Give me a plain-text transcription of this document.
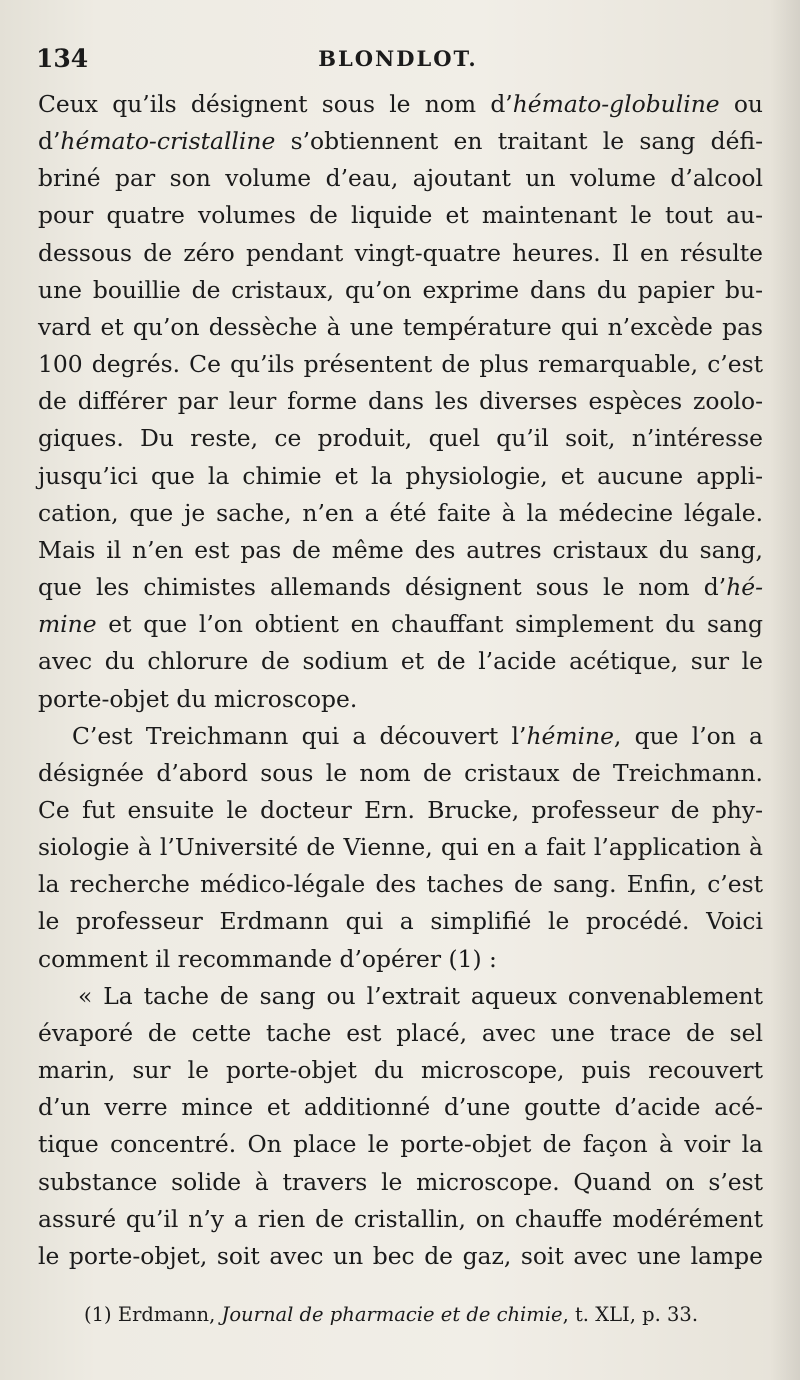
134	BLONDLOT.
Ceux qu’ils désignent sous le nom d’hémato-globuline ou
d’hémato-cristalline s’obtiennent en traitant le sang défi-
briné par son volume d’eau, ajoutant un volume d’alcool
pour quatre volumes de liquide et maintenant le tout au-
dessous de zéro pendant vingt-quatre heures. Il en résulte
une bouillie de cristaux, qu’on exprime dans du papier bu-
vard et qu’on dessèche à une température qui n’excède pas
100 degrés. Ce qu’ils présentent de plus remarquable, c’est
de différer par leur forme dans les diverses espèces zoolo-
giques. Du reste, ce produit, quel qu’il soit, n’intéresse
jusqu’ici que la chimie et la physiologie, et aucune appli-
cation, que je sache, n’en a été faite à la médecine légale.
Mais il n’en est pas de même des autres cristaux du sang,
que les chimistes allemands désignent sous le nom d’hé-
mine et que l’on obtient en chauffant simplement du sang
avec du chlorure de sodium et de l’acide acétique, sur le
porte-objet du microscope.
C’est Treichmann qui a découvert l’hémine, que l’on a
désignée d’abord sous le nom de cristaux de Treichmann.
Ce fut ensuite le docteur Ern. Brucke, professeur de phy-
siologie à l’Université de Vienne, qui en a fait l’application à
la recherche médico-légale des taches de sang. Enfin, c’est
le professeur Erdmann qui a simplifié le procédé. Voici
comment il recommande d’opérer (1) :
« La tache de sang ou l’extrait aqueux convenablement
évaporé de cette tache est placé, avec une trace de sel
marin, sur le porte-objet du microscope, puis recouvert
d’un verre mince et additionné d’une goutte d’acide acé-
tique concentré. On place le porte-objet de façon à voir la
substance solide à travers le microscope. Quand on s’est
assuré qu’il n’y a rien de cristallin, on chauffe modérément
le porte-objet, soit avec un bec de gaz, soit avec une lampe
(1) Erdmann, Journal de pharmacie et de chimie, t. XLI, p. 33.
